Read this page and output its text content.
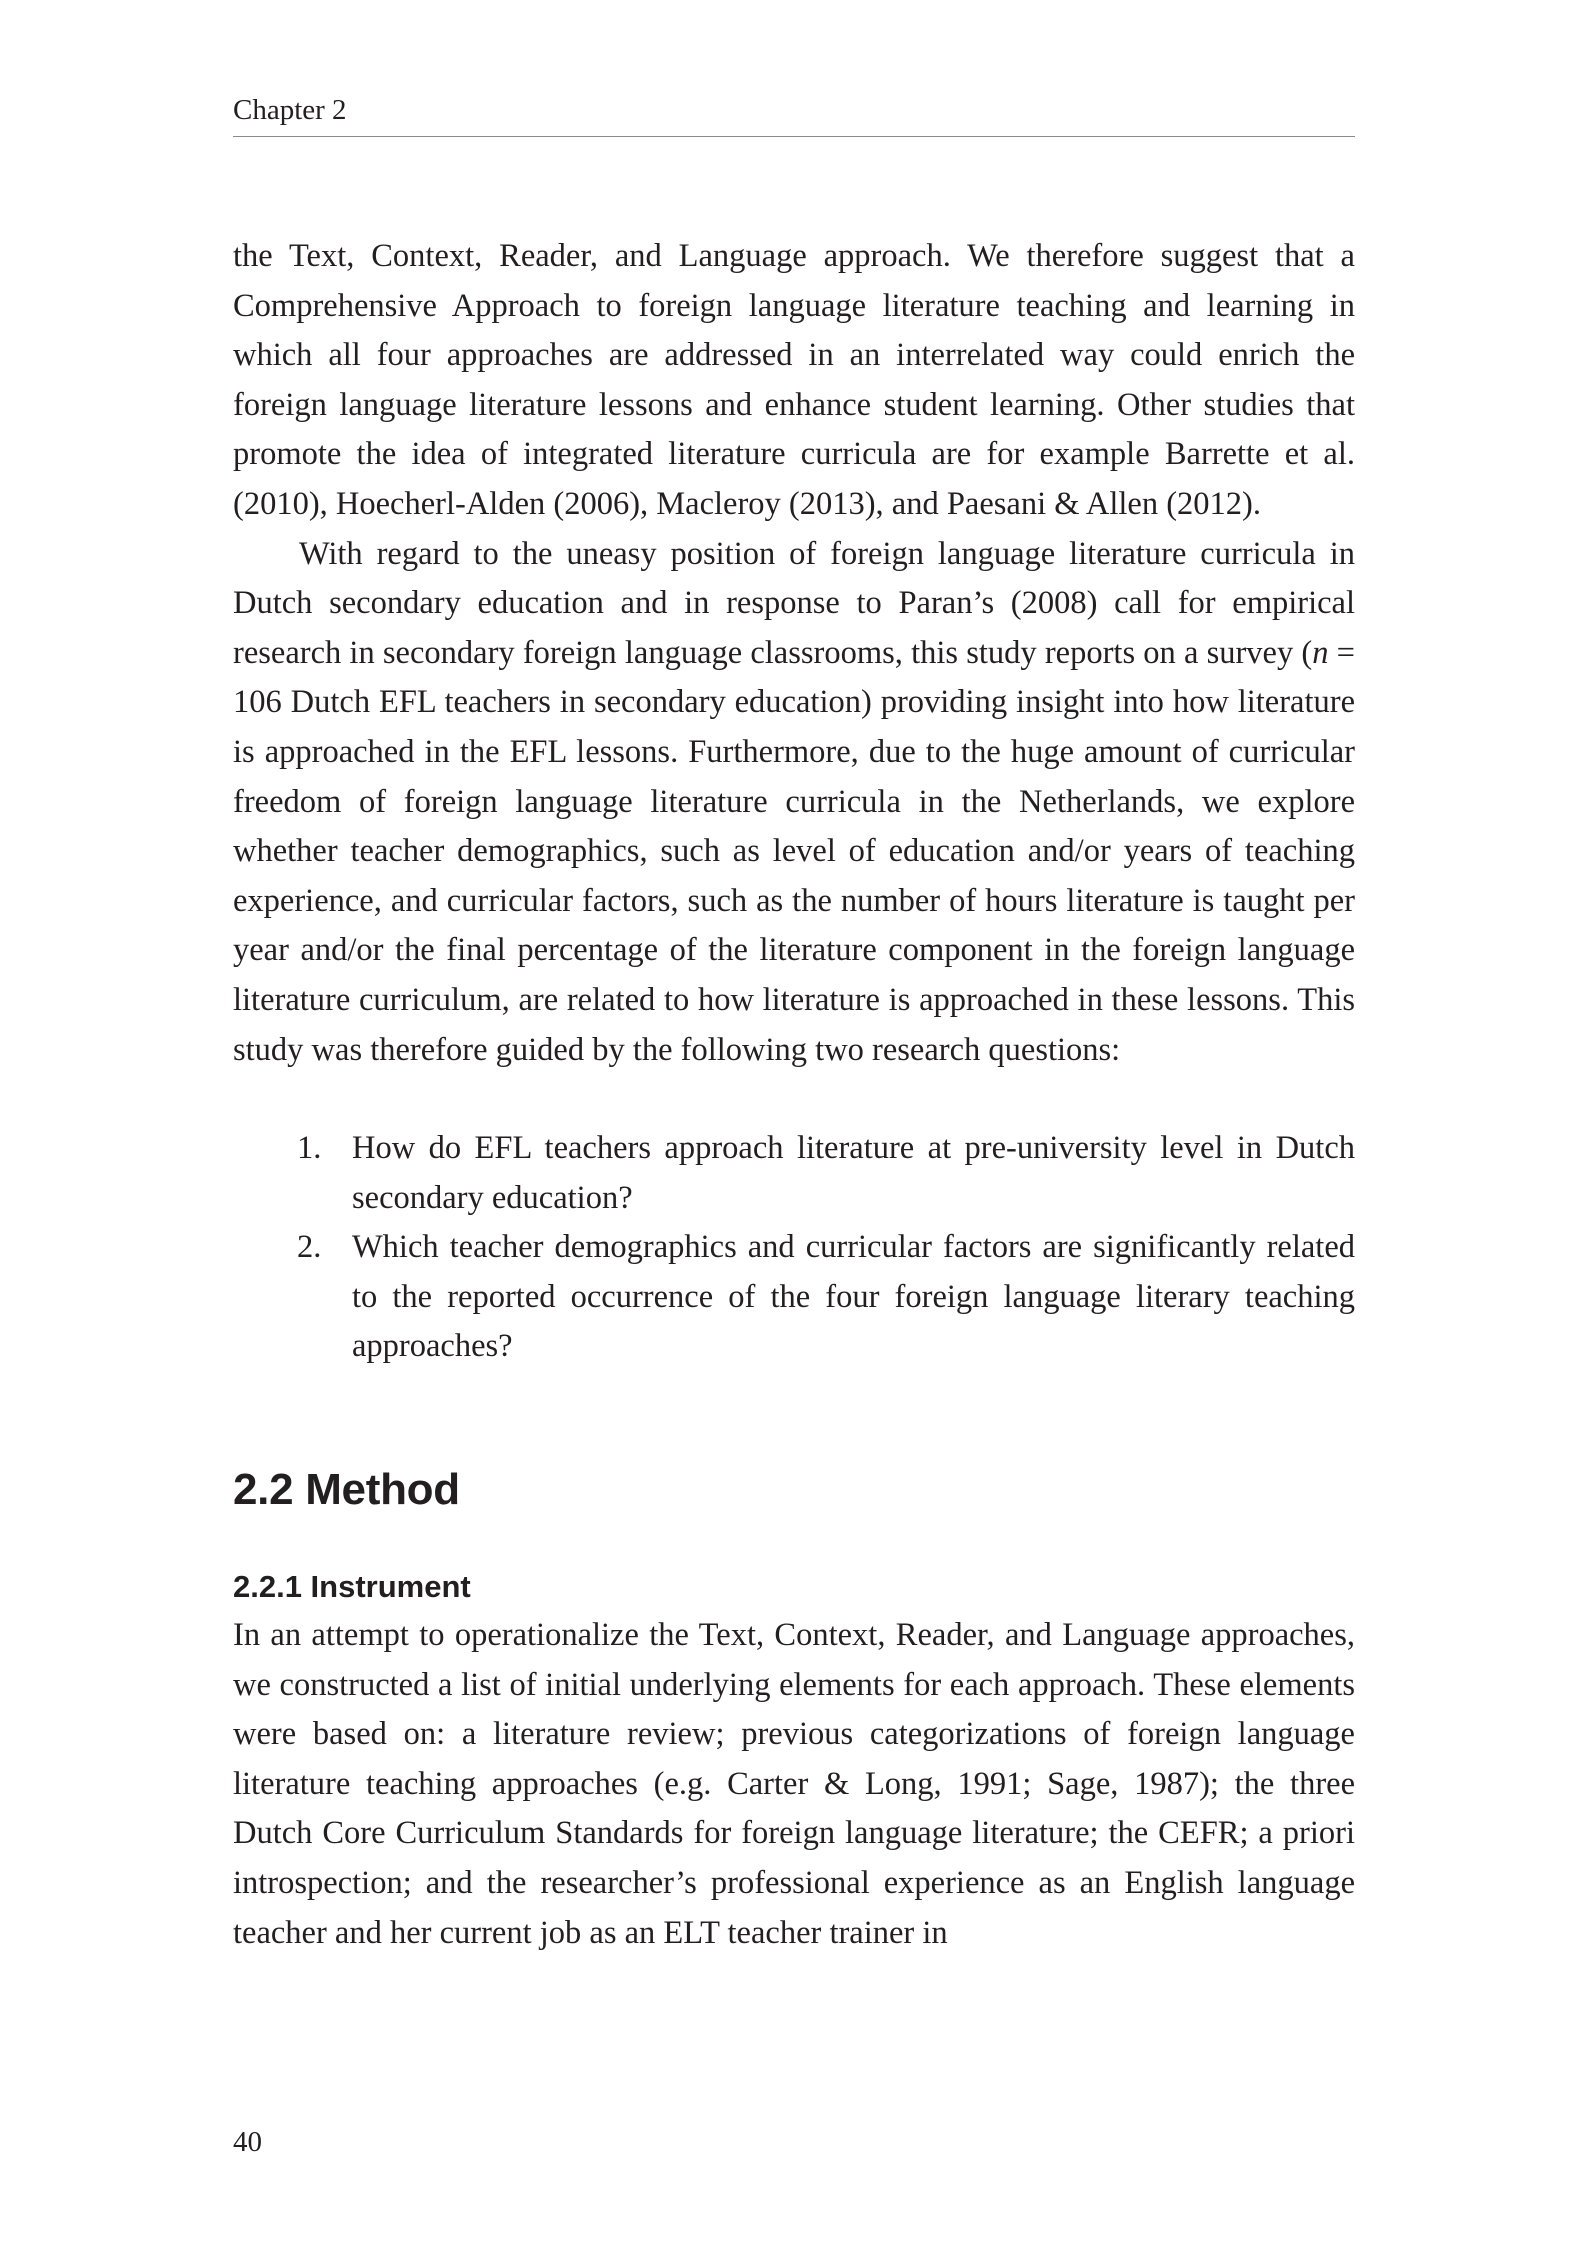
Chapter 2

the Text, Context, Reader, and Language approach. We therefore suggest that a Comprehensive Approach to foreign language literature teaching and learning in which all four approaches are addressed in an interrelated way could enrich the foreign language literature lessons and enhance student learning. Other studies that promote the idea of integrated literature curricula are for example Barrette et al. (2010), Hoecherl-Alden (2006), Macleroy (2013), and Paesani & Allen (2012).

With regard to the uneasy position of foreign language literature curricula in Dutch secondary education and in response to Paran’s (2008) call for empirical research in secondary foreign language classrooms, this study reports on a survey (n = 106 Dutch EFL teachers in secondary education) providing insight into how literature is approached in the EFL lessons. Furthermore, due to the huge amount of curricular freedom of foreign language literature curricula in the Netherlands, we explore whether teacher demographics, such as level of education and/or years of teaching experience, and curricular factors, such as the number of hours literature is taught per year and/or the final percentage of the literature component in the foreign language literature curriculum, are related to how literature is approached in these lessons. This study was therefore guided by the following two research questions:

1. How do EFL teachers approach literature at pre-university level in Dutch secondary education?
2. Which teacher demographics and curricular factors are significantly related to the reported occurrence of the four foreign language literary teaching approaches?
2.2 Method
2.2.1 Instrument

In an attempt to operationalize the Text, Context, Reader, and Language approaches, we constructed a list of initial underlying elements for each approach. These elements were based on: a literature review; previous categorizations of foreign language literature teaching approaches (e.g. Carter & Long, 1991; Sage, 1987); the three Dutch Core Curriculum Standards for foreign language literature; the CEFR; a priori introspection; and the researcher’s professional experience as an English language teacher and her current job as an ELT teacher trainer in

40
